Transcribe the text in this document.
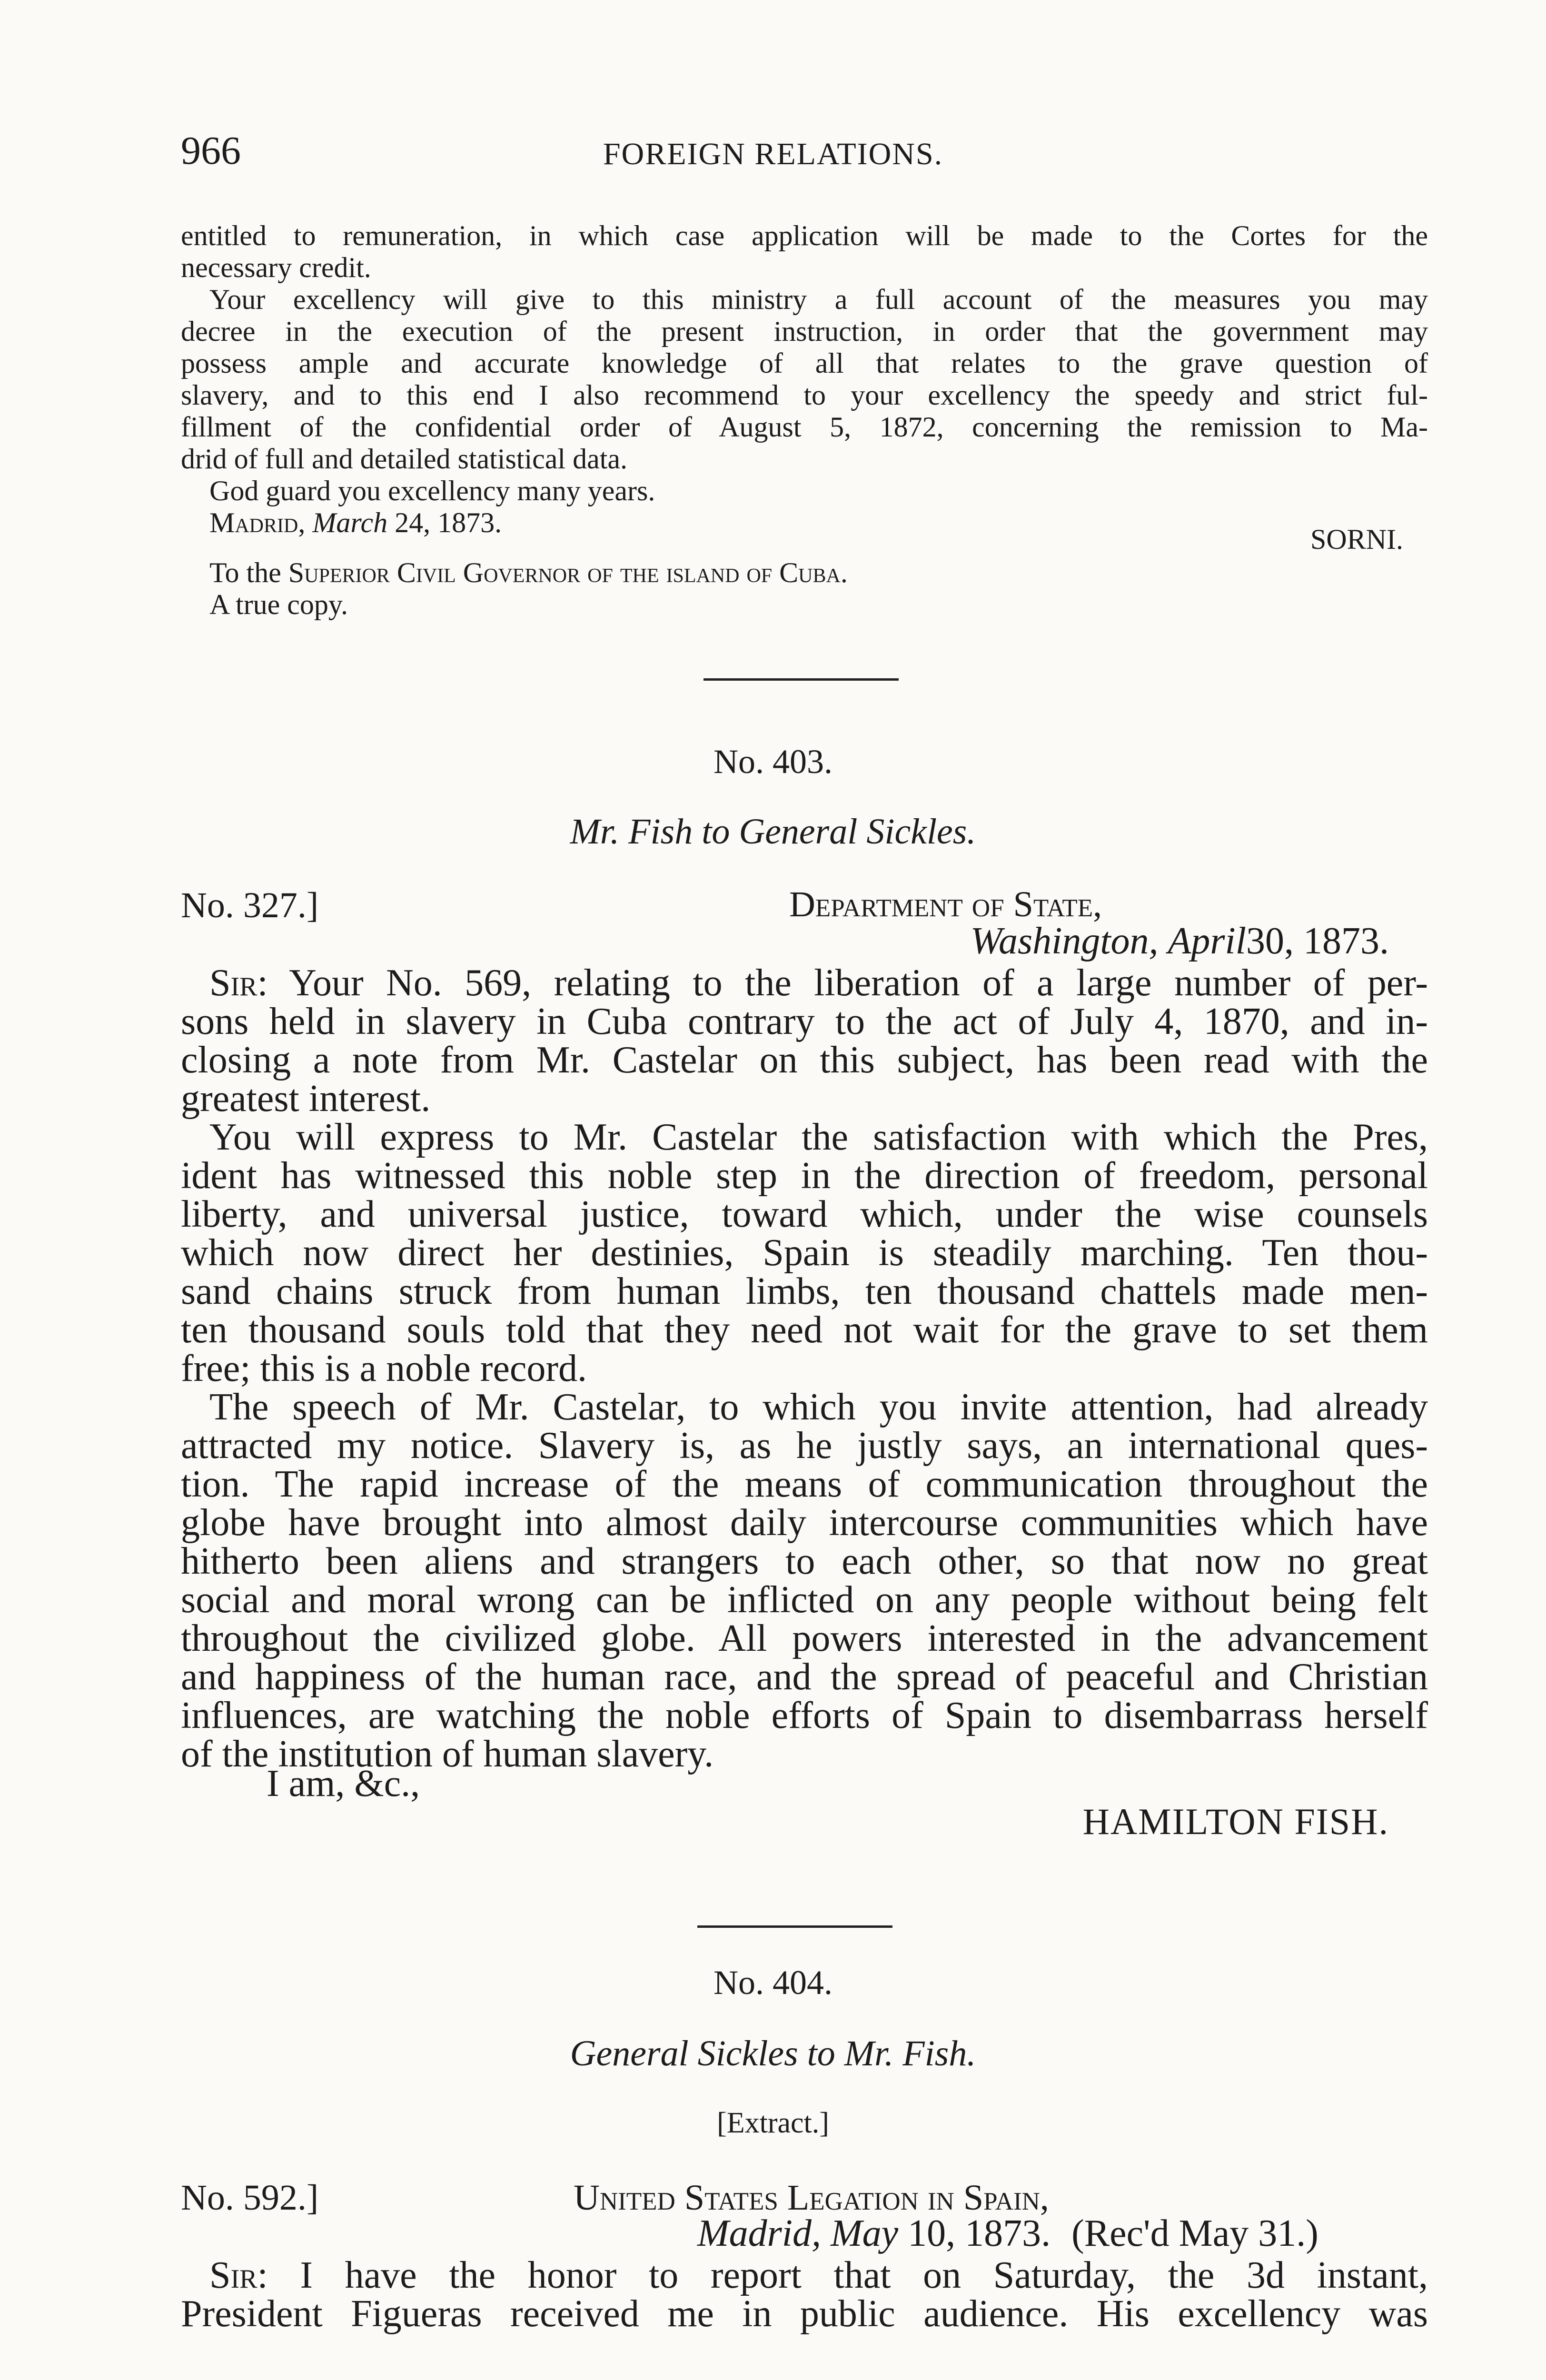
966	FOREIGN RELATIONS.

entitled to remuneration, in which case application will be made to the Cortes for the

necessary credit.

Your excellency will give to this ministry a full account of the measures you may

decree in the execution of the present instruction, in order that the government may

possess ample and accurate knowledge of all that relates to the grave question of

slavery, and to this end I also recommend to your excellency the speedy and strict ful-

fillment of the confidential order of August 5, 1872, concerning the remission to Ma-

drid of full and detailed statistical data.

God guard you excellency many years.

Madrid, March 24, 1873.

SORNI.
To the Superior Civil Governor of the island of Cuba.
A true copy.
No. 403.
Mr. Fish to General Sickles.
No. 327.]	Department of State,
Washington, April30, 1873.

Sir: Your No. 569, relating to the liberation of a large number of per-

sons held in slavery in Cuba contrary to the act of July 4, 1870, and in-

closing a note from Mr. Castelar on this subject, has been read with the

greatest interest.

You will express to Mr. Castelar the satisfaction with which the Pres,

ident has witnessed this noble step in the direction of freedom, personal

liberty, and universal justice, toward which, under the wise counsels

which now direct her destinies, Spain is steadily marching. Ten thou-

sand chains struck from human limbs, ten thousand chattels made men-

ten thousand souls told that they need not wait for the grave to set them

free; this is a noble record.

The speech of Mr. Castelar, to which you invite attention, had already

attracted my notice. Slavery is, as he justly says, an international ques-

tion. The rapid increase of the means of communication throughout the

globe have brought into almost daily intercourse communities which have

hitherto been aliens and strangers to each other, so that now no great

social and moral wrong can be inflicted on any people without being felt

throughout the civilized globe. All powers interested in the advancement

and happiness of the human race, and the spread of peaceful and Christian

influences, are watching the noble efforts of Spain to disembarrass herself

of the institution of human slavery.

I am, &c.,
HAMILTON FISH.
No. 404.
General Sickles to Mr. Fish.
[Extract.]
No. 592.]	United States Legation in Spain,
Madrid, May 10, 1873. (Rec'd May 31.)

Sir: I have the honor to report that on Saturday, the 3d instant,

President Figueras received me in public audience. His excellency was
